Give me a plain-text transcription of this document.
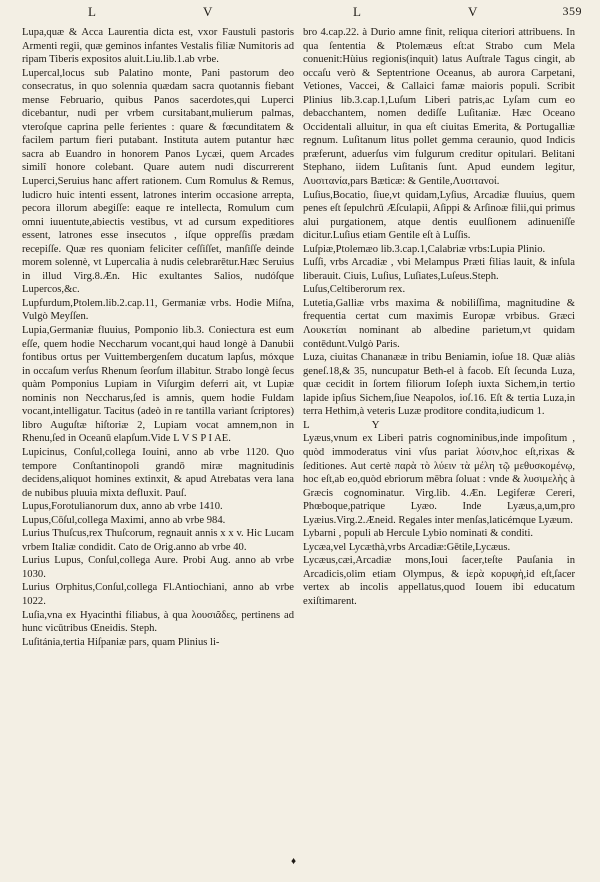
L	V	L	V	359

Lupa,quæ & Acca Laurentia dicta est, vxor Faustuli pastoris Armenti regii, quæ geminos infantes Vestalis filiæ Numitoris ad ripam Tiberis expositos aluit.Liu.lib.1.ab vrbe.

Lupercal,locus sub Palatino monte, Pani pastorum deo consecratus, in quo solennia quædam sacra quotannis fiebant mense Februario, quibus Panos sacerdotes,qui Luperci dicebantur, nudi per vrbem cursitabant,mulierum palmas, vteroſque caprina pelle ferientes : quare & fœcunditatem & facilem partum fieri putabant. Instituta autem putantur hæc sacra ab Euandro in honorem Panos Lycæi, quem Arcades similî honore colebant. Quare autem nudi discurrerent Luperci,Seruius hanc affert rationem. Cum Romulus & Remus, ludicro huic intenti essent, latrones interim occasione arrepta, pecora illorum abegiſſe: eaque re intellecta, Romulum cum omni iuuentute,abiectis vestibus, vt ad cursum expeditiores essent, latrones esse insecutos , iſque oppreſſis prædam recepiſſe. Quæ res quoniam feliciter ceſſiſſet, manſiſſe deinde morem solennè, vt Lupercalia à nudis celebrarētur.Hæc Seruius in illud Virg.8.Æn. Hic exultantes Salios, nudóſque Lupercos,&c.

Lupfurdum,Ptolem.lib.2.cap.11, Germaniæ vrbs. Hodie Miſna, Vulgò Meyſſen.

Lupia,Germaniæ fluuius, Pomponio lib.3. Coniectura est eum eſſe, quem hodie Neccharum vocant,qui haud longè à Danubii fontibus ortus per Vuittembergenſem ducatum lapſus, móxque in occaſum verſus Rhenum ſeorſum illabitur. Strabo longè ſecus quàm Pomponius Lupiam in Viſurgim deferri ait, vt Lupiæ nominis non Neccharus,ſed is amnis, quem hodie Fuldam vocant,intelligatur. Tacitus (adeò in re tantilla varìant ſcriptores) libro Auguſtæ hiſtoriæ 2, Lupiam vocat amnem,non in Rhenu,ſed in Oceanū elapſum.Vide L V S P I AE.

Lupicinus, Conſul,collega Iouini, anno ab vrbe 1120. Quo tempore Conſtantinopoli grandō miræ magnitudinis decidens,aliquot homines extinxit, & apud Atrebatas vera lana de nubibus pluuia mixta defluxit. Pauſ.

Lupus,Forotulianorum dux, anno ab vrbe 1410.

Lupus,Cōſul,collega Maximi, anno ab vrbe 984.

Lurius Thuſcus,rex Thuſcorum, regnauit annis x x v. Hic Lucam vrbem Italiæ condidit. Cato de Orig.anno ab vrbe 40.

Lurius Lupus, Conſul,collega Aure. Probi Aug. anno ab vrbe 1030.

Lurius Orphitus,Conſul,collega Fl.Antiochiani, anno ab vrbe 1022.

Luſia,vna ex Hyacinthi filiabus, à qua λουσιᾶδες, pertinens ad hunc vicūtribus Œneidis. Steph.

Luſitánia,tertia Hiſpaniæ pars, quam Plinius li-

bro 4.cap.22. à Durio amne finit, reliqua citeriori attribuens. In qua ſententia & Ptolemæus eſt:at Strabo cum Mela conuenit:Hùius regionis(inquit) latus Auſtrale Tagus cingit, ab occaſu verò & Septentrione Oceanus, ab aurora Carpetani, Vetiones, Vaccei, & Callaici famæ maioris populi. Scribit Plinius lib.3.cap.1,Luſum Liberi patris,ac Lyſam cum eo debacchantem, nomen dediſſe Luſitaniæ. Hæc Oceano Occidentali alluitur, in qua eſt ciuitas Emerita, & Portugalliæ regnum. Luſitanum litus pollet gemma ceraunio, quod Indicis præferunt, aduerſus vim fulgurum creditur opitulari. Belitani Stephano, iidem Luſitanis ſunt. Apud eundem legitur, Λυσιτανία,pars Bæticæ: & Gentile,Λυσιτανοί.

Luſius,Bocatio, ſiue,vt quidam,Lyſius, Arcadiæ fluuius, quem penes eſt ſepulchrū Æſculapii, Aſippi & Arſinoæ filii,qui primus alui purgationem, atque dentis euulſionem adinueniſſe dicitur.Luſius etiam Gentile eſt à Luſſis.

Luſpiæ,Ptolemæo lib.3.cap.1,Calabriæ vrbs:Lupia Plinio.

Luſſi, vrbs Arcadiæ , vbi Melampus Præti filias lauit, & inſula liberauit. Ciuis, Luſius, Luſiates,Luſeus.Steph.

Luſus,Celtiberorum rex.

Lutetia,Galliæ vrbs maxima & nobiliſſima, magnitudine & frequentia certat cum maximis Europæ vrbibus. Græci Λουκετίαι nominant ab albedine parietum,vt quidam contēdunt.Vulgò Paris.

Luza, ciuitas Chananææ in tribu Beniamin, ioſue 18. Quæ aliàs geneſ.18,& 35, nuncupatur Beth-el à facob. Eſt ſecunda Luza, quæ cecidit in ſortem filiorum Ioſeph iuxta Sichem,in tertio lapide ipſius Sichem,ſiue Neapolos, ioſ.16. Eſt & tertia Luza,in terra Hethim,à veteris Luzæ proditore condita,iudicum 1.

L Y

Lyæus,vnum ex Liberi patris cognominibus,inde impoſitum , quòd immoderatus vini vſus pariat λύσιν,hoc eſt,rixas & ſeditiones. Aut certè παρὰ τὸ λύειν τὰ μέλη τῷ μεθυσκομένῳ, hoc eſt,ab eo,quòd ebriorum mēbra ſoluat : vnde & λυσιμελὴς à Græcis cognominatur. Virg.lib. 4.Æn. Legiferæ Cereri, Phœboque,patrique Lyæo. Inde Lyæus,a,um,pro Lyæius.Virg.2.Æneid. Regales inter menſas,laticémque Lyæum.

Lybarni , populi ab Hercule Lybio nominati & conditi.

Lycæa,vel Lycæthà,vrbs Arcadiæ:Gētile,Lycæus.

Lycæus,cæi,Arcadiæ mons,Ioui ſacer,teſte Pauſania in Arcadicis,olim etiam Olympus, & ἱερὰ κορυφὴ,id eſt,ſacer vertex ab incolis appellatus,quod Iouem ibi educatum exiſtimarent.

♦
